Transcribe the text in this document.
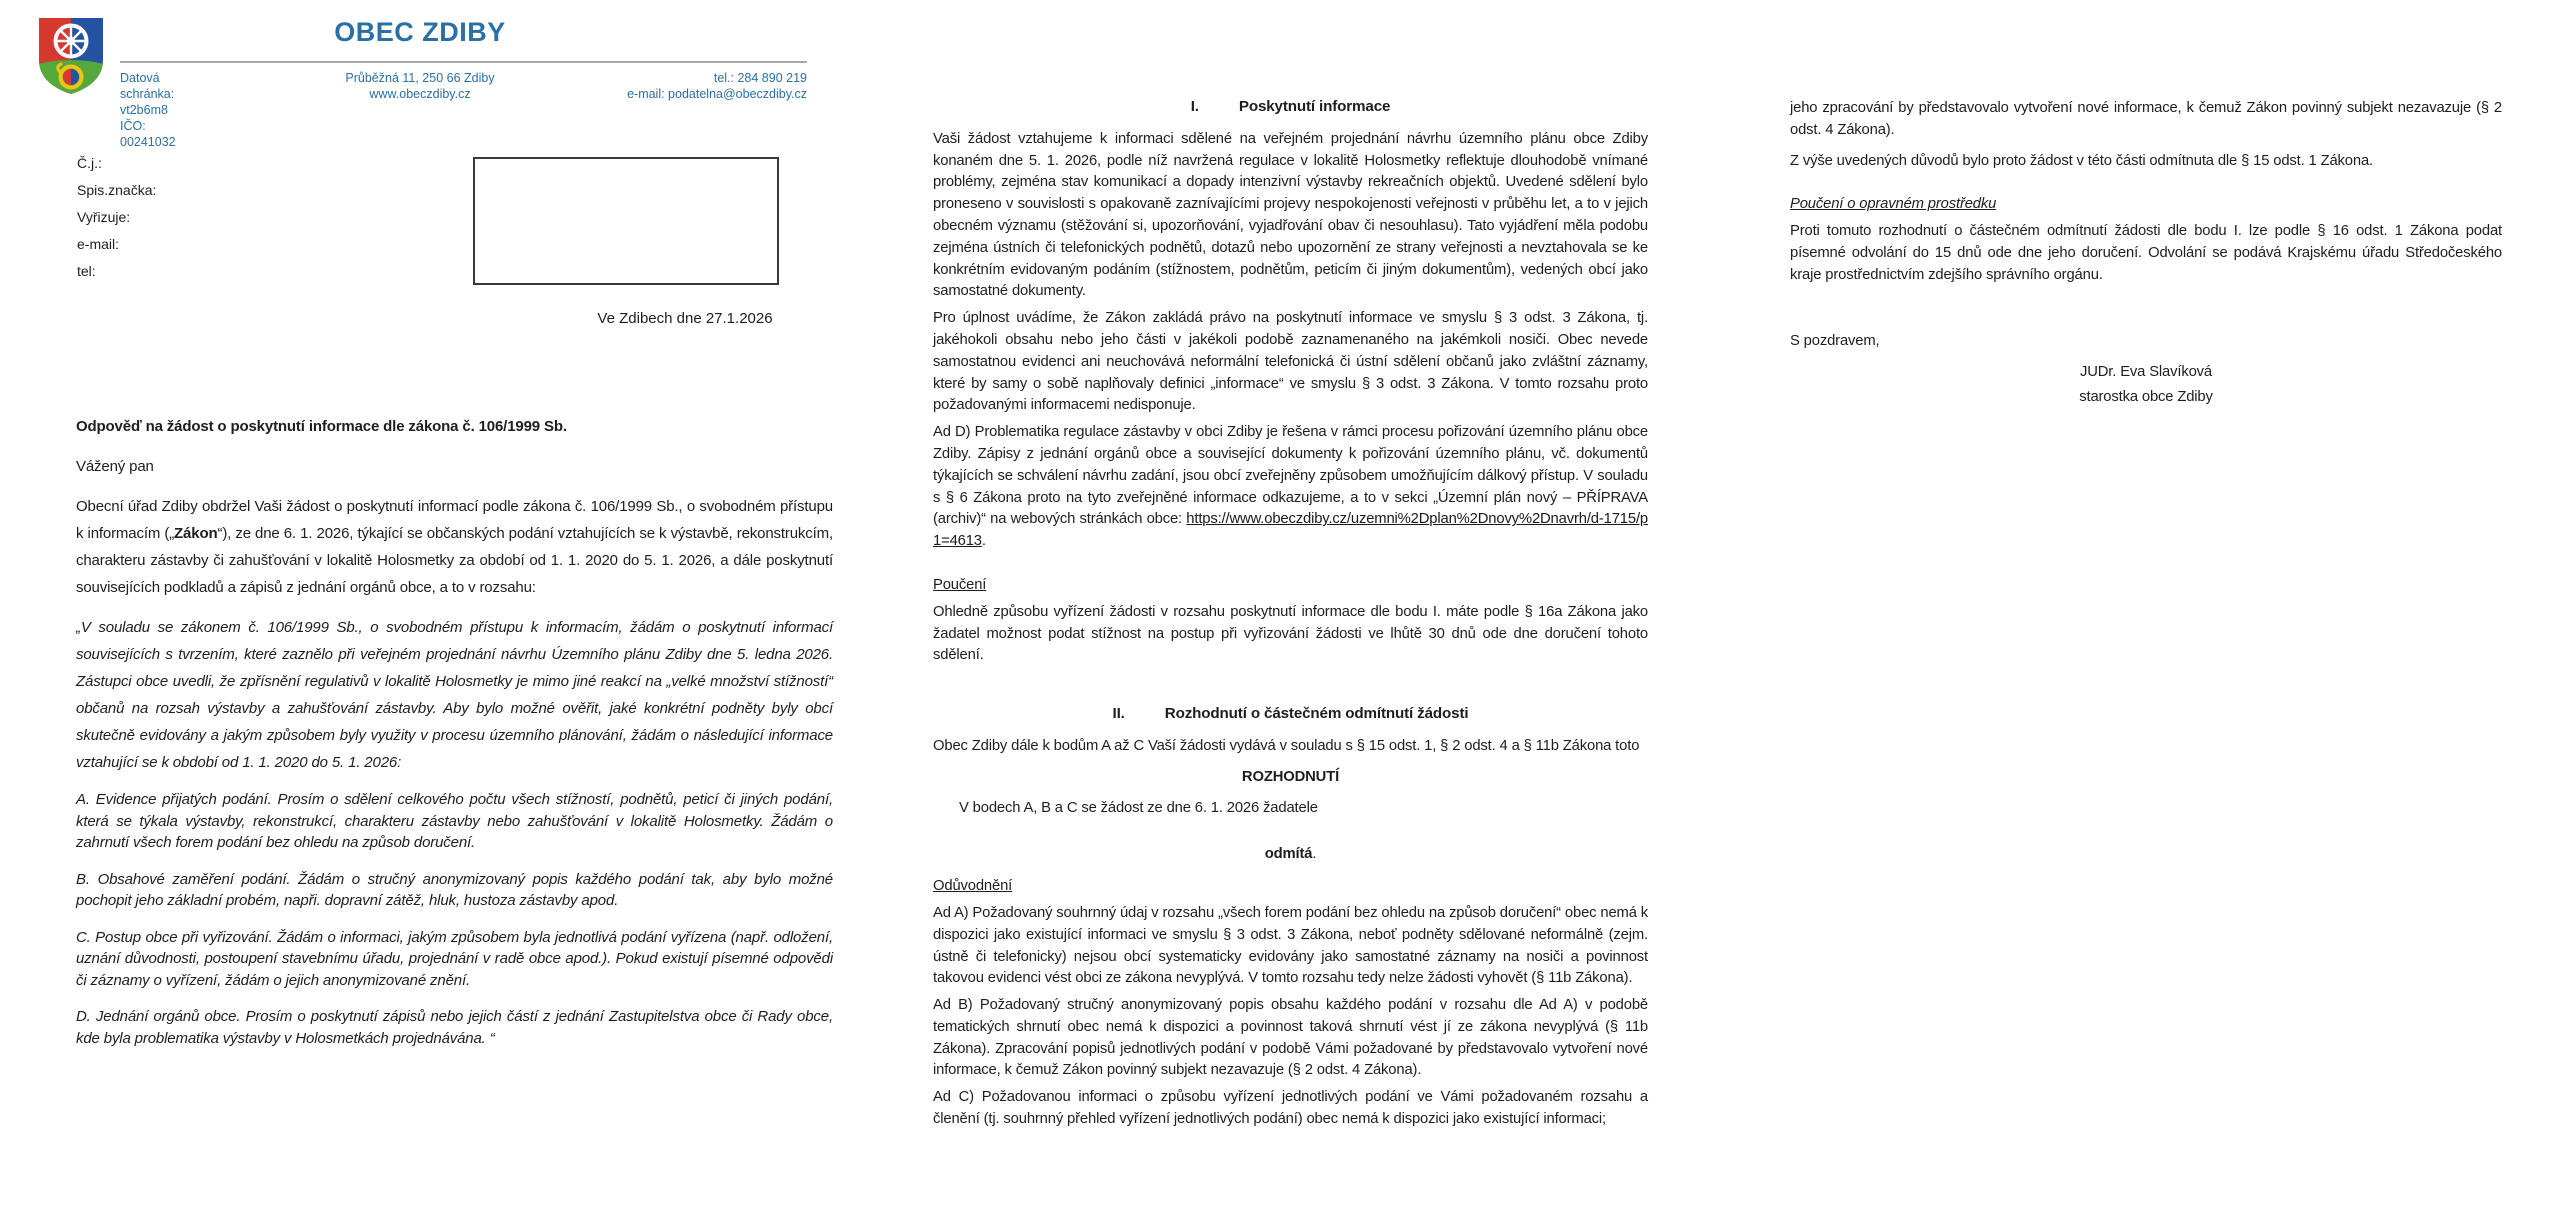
OBEC ZDIBY
Datová schránka: vt2b6m8
IČO: 00241032
Průběžná 11, 250 66 Zdiby
www.obeczdiby.cz
tel.: 284 890 219
e-mail: podatelna@obeczdiby.cz
Č.j.:
Spis.značka:
Vyřizuje:
e-mail:
tel:
Ve Zdibech dne 27.1.2026

Odpověď na žádost o poskytnutí informace dle zákona č. 106/1999 Sb.

Vážený pan

Obecní úřad Zdiby obdržel Vaši žádost o poskytnutí informací podle zákona č. 106/1999 Sb., o svobodném přístupu k informacím („Zákon“), ze dne 6. 1. 2026, týkající se občanských podání vztahujících se k výstavbě, rekonstrukcím, charakteru zástavby či zahušťování v lokalitě Holosmetky za období od 1. 1. 2020 do 5. 1. 2026, a dále poskytnutí souvisejících podkladů a zápisů z jednání orgánů obce, a to v rozsahu:

„V souladu se zákonem č. 106/1999 Sb., o svobodném přístupu k informacím, žádám o poskytnutí informací souvisejících s tvrzením, které zaznělo při veřejném projednání návrhu Územního plánu Zdiby dne 5. ledna 2026. Zástupci obce uvedli, že zpřísnění regulativů v lokalitě Holosmetky je mimo jiné reakcí na „velké množství stížností“ občanů na rozsah výstavby a zahušťování zástavby. Aby bylo možné ověřit, jaké konkrétní podněty byly obcí skutečně evidovány a jakým způsobem byly využity v procesu územního plánování, žádám o následující informace vztahující se k období od 1. 1. 2020 do 5. 1. 2026:

A. Evidence přijatých podání. Prosím o sdělení celkového počtu všech stížností, podnětů, peticí či jiných podání, která se týkala výstavby, rekonstrukcí, charakteru zástavby nebo zahušťování v lokalitě Holosmetky. Žádám o zahrnutí všech forem podání bez ohledu na způsob doručení.

B. Obsahové zaměření podání. Žádám o stručný anonymizovaný popis každého podání tak, aby bylo možné pochopit jeho základní probém, napři. dopravní zátěž, hluk, hustoza zástavby apod.

C. Postup obce při vyřizování. Žádám o informaci, jakým způsobem byla jednotlivá podání vyřízena (např. odložení, uznání důvodnosti, postoupení stavebnímu úřadu, projednání v radě obce apod.). Pokud existují písemné odpovědi či záznamy o vyřízení, žádám o jejich anonymizované znění.

D. Jednání orgánů obce. Prosím o poskytnutí zápisů nebo jejich částí z jednání Zastupitelstva obce či Rady obce, kde byla problematika výstavby v Holosmetkách projednávána. “

I.	Poskytnutí informace

Vaši žádost vztahujeme k informaci sdělené na veřejném projednání návrhu územního plánu obce Zdiby konaném dne 5. 1. 2026, podle níž navržená regulace v lokalitě Holosmetky reflektuje dlouhodobě vnímané problémy, zejména stav komunikací a dopady intenzivní výstavby rekreačních objektů. Uvedené sdělení bylo proneseno v souvislosti s opakovaně zaznívajícími projevy nespokojenosti veřejnosti v průběhu let, a to v jejich obecném významu (stěžování si, upozorňování, vyjadřování obav či nesouhlasu). Tato vyjádření měla podobu zejména ústních či telefonických podnětů, dotazů nebo upozornění ze strany veřejnosti a nevztahovala se ke konkrétním evidovaným podáním (stížnostem, podnětům, peticím či jiným dokumentům), vedených obcí jako samostatné dokumenty.

Pro úplnost uvádíme, že Zákon zakládá právo na poskytnutí informace ve smyslu § 3 odst. 3 Zákona, tj. jakéhokoli obsahu nebo jeho části v jakékoli podobě zaznamenaného na jakémkoli nosiči. Obec nevede samostatnou evidenci ani neuchovává neformální telefonická či ústní sdělení občanů jako zvláštní záznamy, které by samy o sobě naplňovaly definici „informace“ ve smyslu § 3 odst. 3 Zákona. V tomto rozsahu proto požadovanými informacemi nedisponuje.

Ad D) Problematika regulace zástavby v obci Zdiby je řešena v rámci procesu pořizování územního plánu obce Zdiby. Zápisy z jednání orgánů obce a související dokumenty k pořizování územního plánu, vč. dokumentů týkajících se schválení návrhu zadání, jsou obcí zveřejněny způsobem umožňujícím dálkový přístup. V souladu s § 6 Zákona proto na tyto zveřejněné informace odkazujeme, a to v sekci „Územní plán nový – PŘÍPRAVA (archiv)“ na webových stránkách obce: https://www.obeczdiby.cz/uzemni%2Dplan%2Dnovy%2Dnavrh/d-1715/p1=4613.

Poučení

Ohledně způsobu vyřízení žádosti v rozsahu poskytnutí informace dle bodu I. máte podle § 16a Zákona jako žadatel možnost podat stížnost na postup při vyřizování žádosti ve lhůtě 30 dnů ode dne doručení tohoto sdělení.

II.	Rozhodnutí o částečném odmítnutí žádosti

Obec Zdiby dále k bodům A až C Vaší žádosti vydává v souladu s § 15 odst. 1, § 2 odst. 4 a § 11b Zákona toto

ROZHODNUTÍ

V bodech A, B a C se žádost ze dne 6. 1. 2026 žadatele

odmítá.

Odůvodnění

Ad A) Požadovaný souhrnný údaj v rozsahu „všech forem podání bez ohledu na způsob doručení“ obec nemá k dispozici jako existující informaci ve smyslu § 3 odst. 3 Zákona, neboť podněty sdělované neformálně (zejm. ústně či telefonicky) nejsou obcí systematicky evidovány jako samostatné záznamy na nosiči a povinnost takovou evidenci vést obci ze zákona nevyplývá. V tomto rozsahu tedy nelze žádosti vyhovět (§ 11b Zákona).

Ad B) Požadovaný stručný anonymizovaný popis obsahu každého podání v rozsahu dle Ad A) v podobě tematických shrnutí obec nemá k dispozici a povinnost taková shrnutí vést jí ze zákona nevyplývá (§ 11b Zákona). Zpracování popisů jednotlivých podání v podobě Vámi požadované by představovalo vytvoření nové informace, k čemuž Zákon povinný subjekt nezavazuje (§ 2 odst. 4 Zákona).

Ad C) Požadovanou informaci o způsobu vyřízení jednotlivých podání ve Vámi požadovaném rozsahu a členění (tj. souhrnný přehled vyřízení jednotlivých podání) obec nemá k dispozici jako existující informaci;

jeho zpracování by představovalo vytvoření nové informace, k čemuž Zákon povinný subjekt nezavazuje (§ 2 odst. 4 Zákona).

Z výše uvedených důvodů bylo proto žádost v této části odmítnuta dle § 15 odst. 1 Zákona.

Poučení o opravném prostředku

Proti tomuto rozhodnutí o částečném odmítnutí žádosti dle bodu I. lze podle § 16 odst. 1 Zákona podat písemné odvolání do 15 dnů ode dne jeho doručení. Odvolání se podává Krajskému úřadu Středočeského kraje prostřednictvím zdejšího správního orgánu.

S pozdravem,

JUDr. Eva Slavíková
starostka obce Zdiby
